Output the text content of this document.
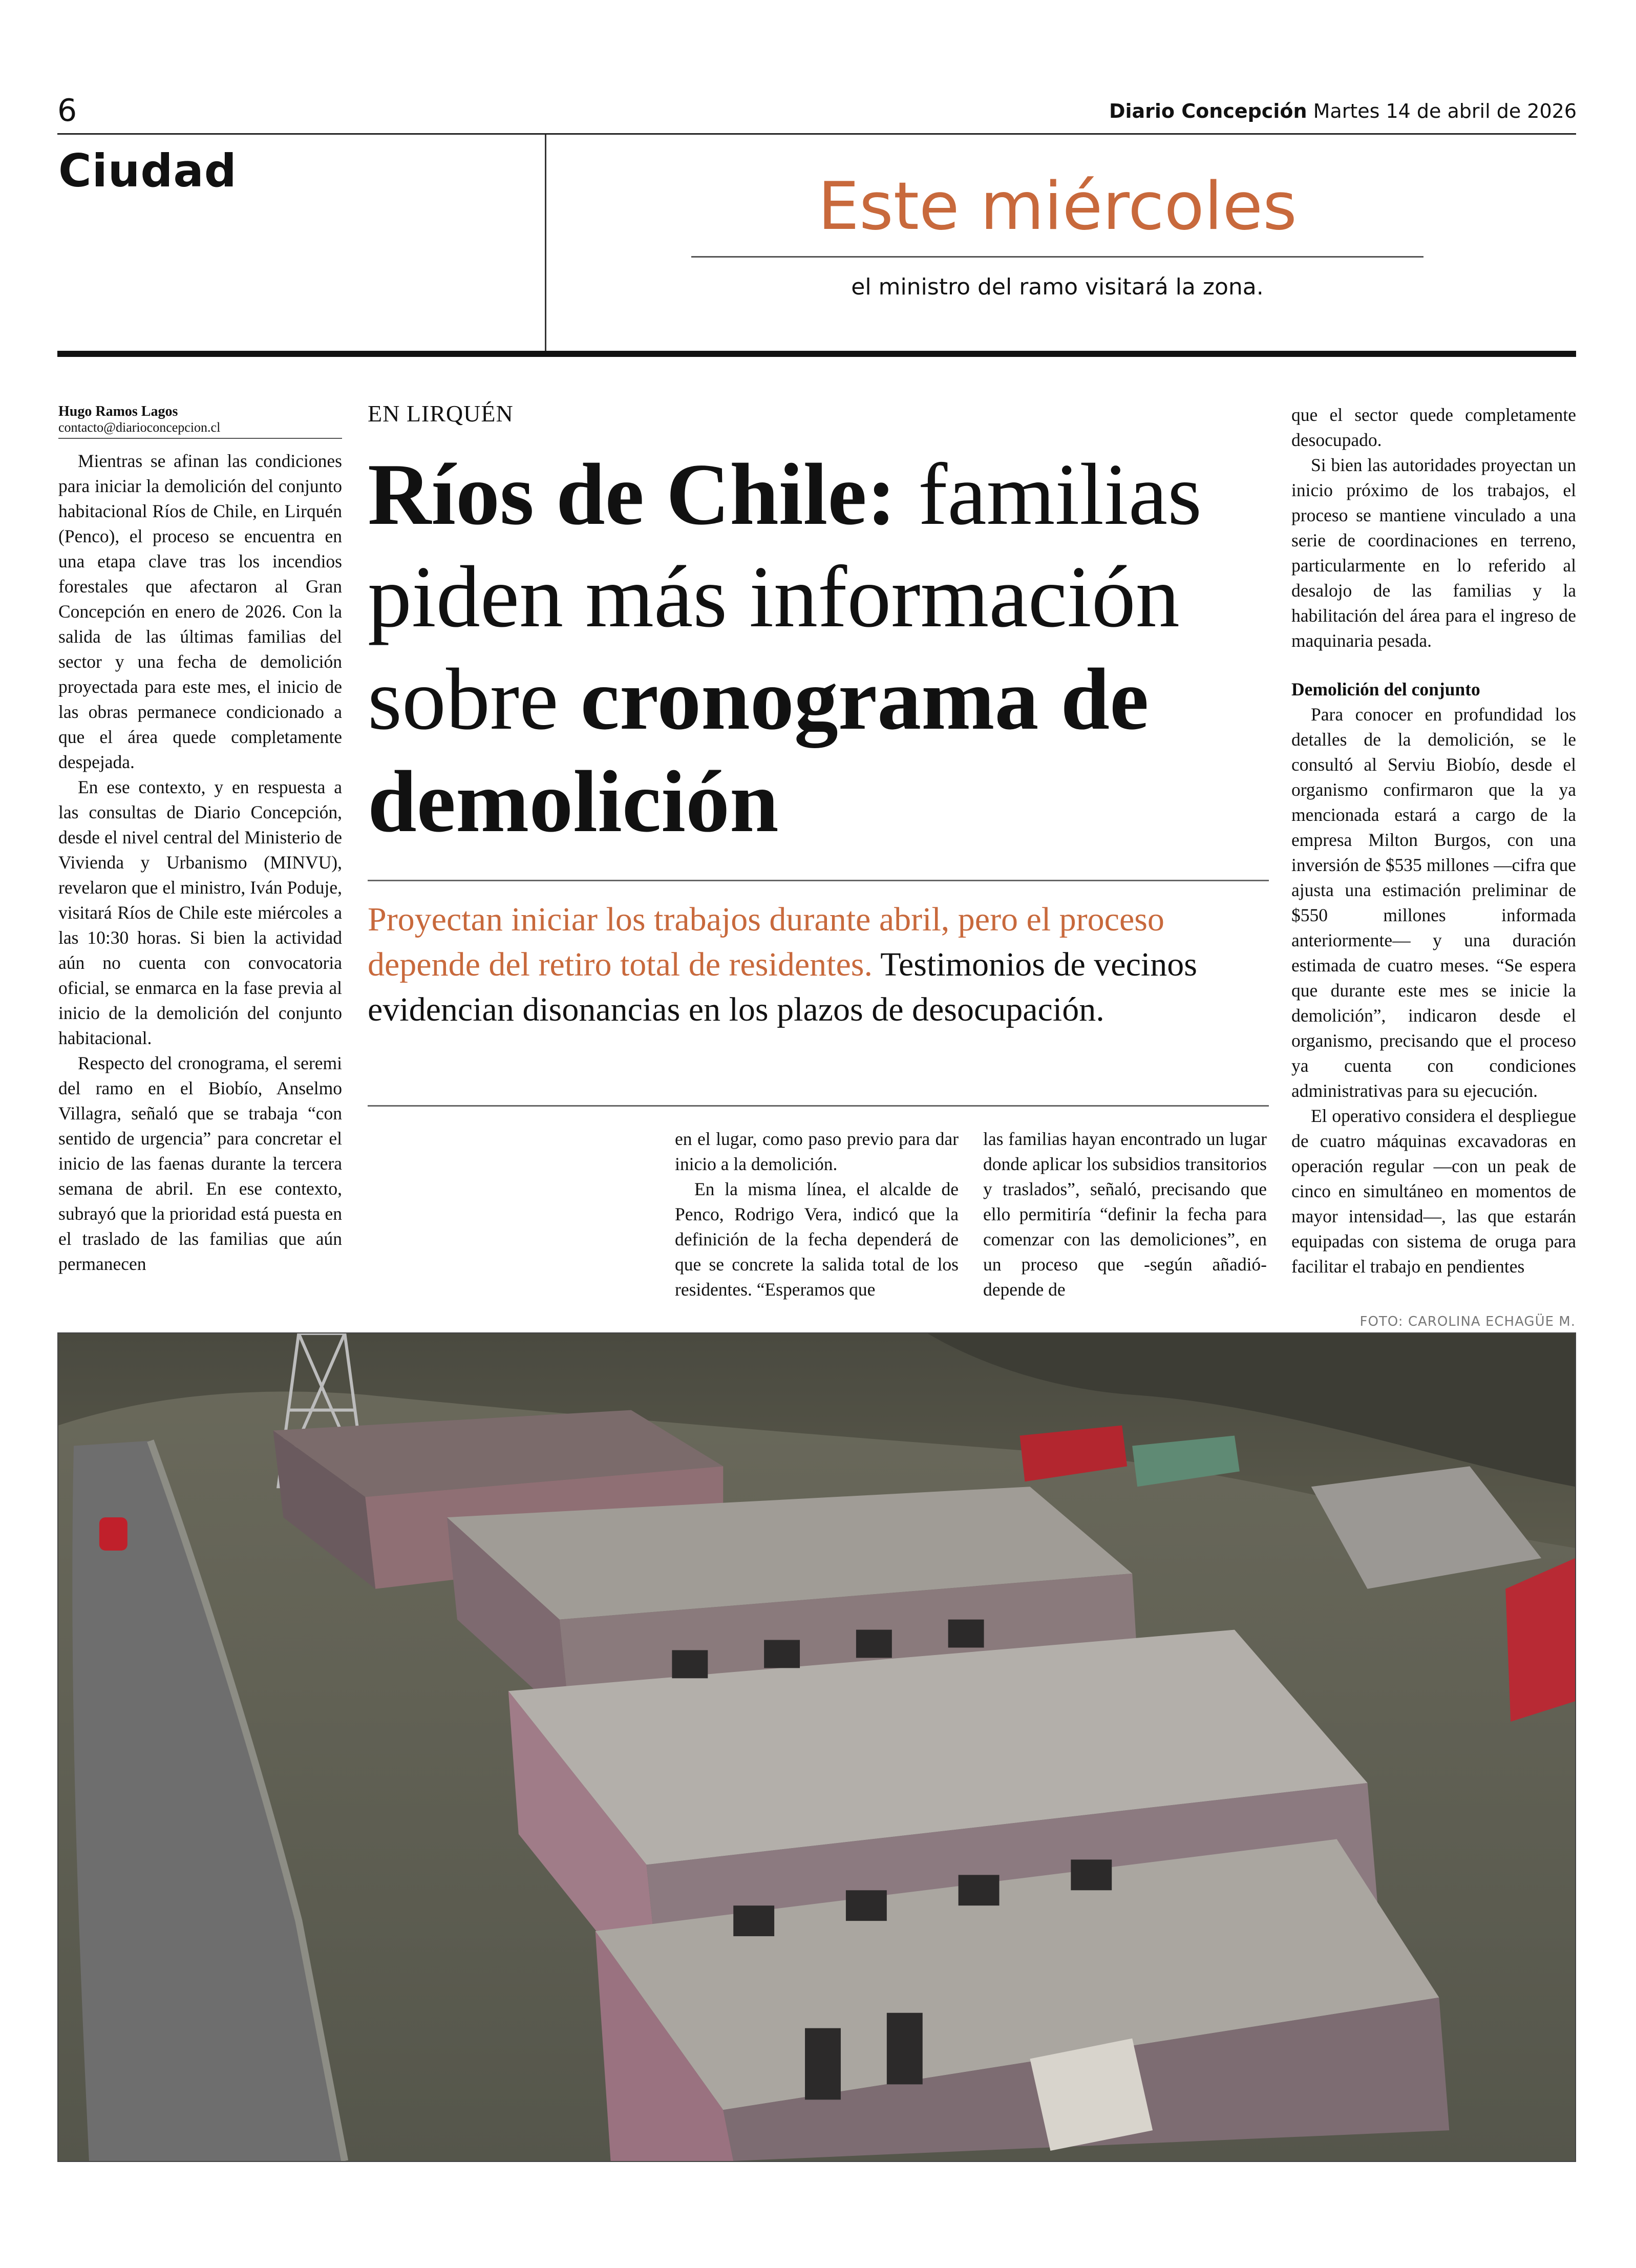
6	Diario Concepción Martes 14 de abril de 2026
Ciudad	Este miércoles
el ministro del ramo visitará la zona.
Hugo Ramos Lagos
contacto@diarioconcepcion.cl

Mientras se afinan las condiciones para iniciar la demolición del conjunto habitacional Ríos de Chile, en Lirquén (Penco), el proceso se encuentra en una etapa clave tras los incendios forestales que afectaron al Gran Concepción en enero de 2026. Con la salida de las últimas familias del sector y una fecha de demolición proyectada para este mes, el inicio de las obras permanece condicionado a que el área quede completamente despejada.

En ese contexto, y en respuesta a las consultas de Diario Concepción, desde el nivel central del Ministerio de Vivienda y Urbanismo (MINVU), revelaron que el ministro, Iván Poduje, visitará Ríos de Chile este miércoles a las 10:30 horas. Si bien la actividad aún no cuenta con convocatoria oficial, se enmarca en la fase previa al inicio de la demolición del conjunto habitacional.

Respecto del cronograma, el seremi del ramo en el Biobío, Anselmo Villagra, señaló que se trabaja “con sentido de urgencia” para concretar el inicio de las faenas durante la tercera semana de abril. En ese contexto, subrayó que la prioridad está puesta en el traslado de las familias que aún permanecen

EN LIRQUÉN
Ríos de Chile: familias piden más información sobre cronograma de demolición
Proyectan iniciar los trabajos durante abril, pero el proceso depende del retiro total de residentes. Testimonios de vecinos evidencian disonancias en los plazos de desocupación.

en el lugar, como paso previo para dar inicio a la demolición.

En la misma línea, el alcalde de Penco, Rodrigo Vera, indicó que la definición de la fecha dependerá de que se concrete la salida total de los residentes. “Esperamos que

las familias hayan encontrado un lugar donde aplicar los subsidios transitorios y traslados”, señaló, precisando que ello permitiría “definir la fecha para comenzar con las demoliciones”, en un proceso que -según añadió- depende de

que el sector quede completamente desocupado.

Si bien las autoridades proyectan un inicio próximo de los trabajos, el proceso se mantiene vinculado a una serie de coordinaciones en terreno, particularmente en lo referido al desalojo de las familias y la habilitación del área para el ingreso de maquinaria pesada.

Demolición del conjunto

Para conocer en profundidad los detalles de la demolición, se le consultó al Serviu Biobío, desde el organismo confirmaron que la ya mencionada estará a cargo de la empresa Milton Burgos, con una inversión de $535 millones —cifra que ajusta una estimación preliminar de $550 millones informada anteriormente— y una duración estimada de cuatro meses. “Se espera que durante este mes se inicie la demolición”, indicaron desde el organismo, precisando que el proceso ya cuenta con condiciones administrativas para su ejecución.

El operativo considera el despliegue de cuatro máquinas excavadoras en operación regular —con un peak de cinco en simultáneo en momentos de mayor intensidad—, las que estarán equipadas con sistema de oruga para facilitar el trabajo en pendientes

FOTO: CAROLINA ECHAGÜE M.
